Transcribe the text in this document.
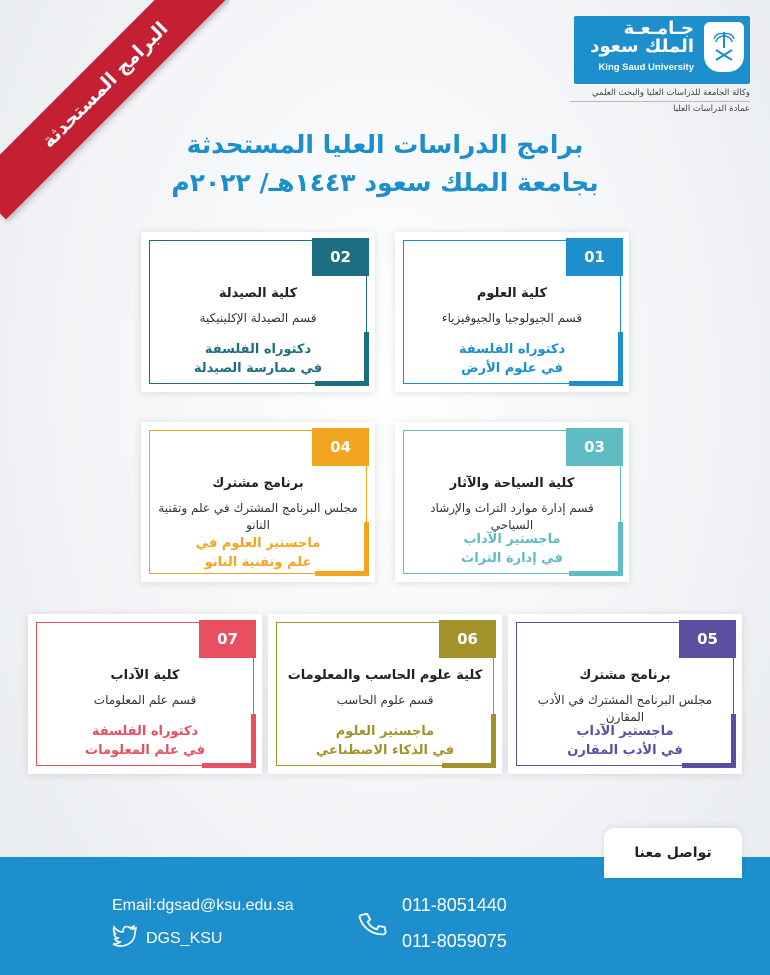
البرامج المستحدثة	جـامـعـة
الملك سعود
King Saud University
وكالة الجامعة للدراسات العليا والبحث العلمي
عمادة الدراسات العليا
برامج الدراسات العليا المستحدثة
بجامعة الملك سعود ١٤٤٣هـ/ ٢٠٢٢م
01
كلية العلوم
قسم الجيولوجيا والجيوفيزياء
دكتوراه الفلسفة
في علوم الأرض
02
كلية الصيدلة
قسم الصيدلة الإكلينيكية
دكتوراه الفلسفة
في ممارسة الصيدلة
03
كلية السياحة والآثار
قسم إدارة موارد التراث والإرشاد السياحي
ماجستير الآداب
في إدارة التراث
04
برنامج مشترك
مجلس البرنامج المشترك في علم وتقنية النانو
ماجستير العلوم في
علم وتقنية النانو
05
برنامج مشترك
مجلس البرنامج المشترك في الأدب المقارن
ماجستير الآداب
في الأدب المقارن
06
كلية علوم الحاسب والمعلومات
قسم علوم الحاسب
ماجستير العلوم
في الذكاء الاصطناعي
07
كلية الآداب
قسم علم المعلومات
دكتوراه الفلسفة
في علم المعلومات
تواصل معنا
Email:dgsad@ksu.edu.sa
DGS_KSU
011-8051440
011-8059075
